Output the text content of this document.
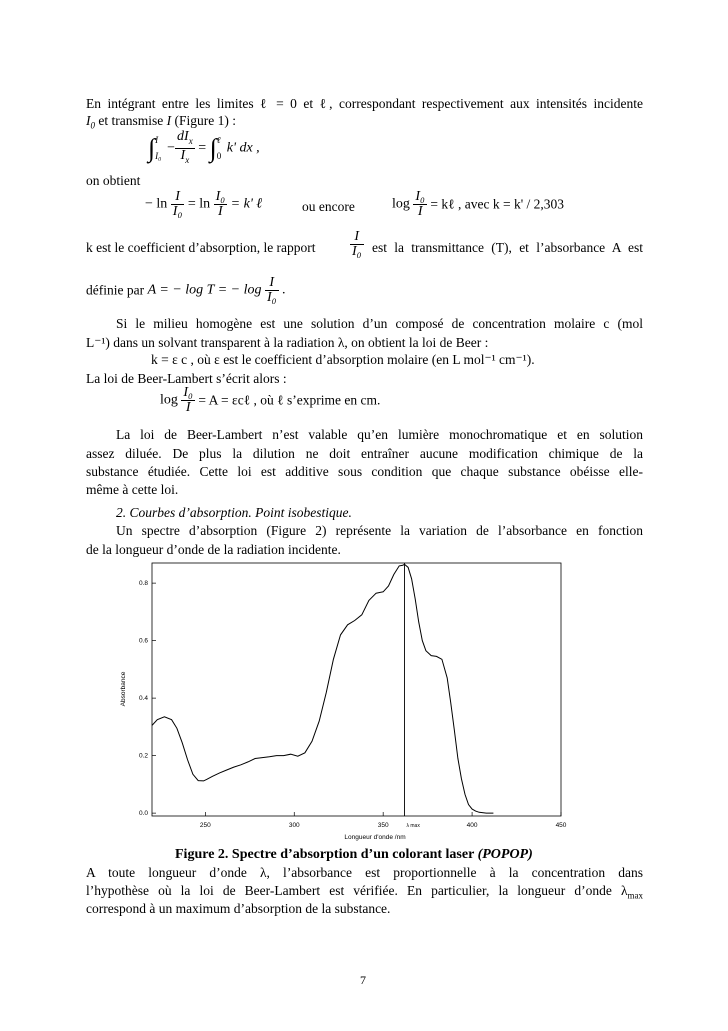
En intégrant entre les limites ℓ = 0 et ℓ, correspondant respectivement aux intensités incidente
$I_0$ et transmise I (Figure 1) :
∫ I
I₀
− $\frac{dI_x}{I_x}$ = ∫ ℓ
0
k' dx ,
on obtient
− $\ln \frac{I}{\text{I₀}} = \ln \frac{\text{I₀}}{I} = k'$ ℓ	ou encore	$\log \frac{\text{I₀}}{I}$ = kℓ , avec k = k' / 2,303
k est le coefficient d’absorption, le rapport $\frac{I}{\text{I₀}}$ est la transmittance (T), et l’absorbance A est
définie par A = − log T = − $\log \frac{I}{\text{I₀}}$ .
Si le milieu homogène est une solution d’un composé de concentration molaire c (mol
L⁻¹) dans un solvant transparent à la radiation λ, on obtient la loi de Beer :
k = ε c , où ε est le coefficient d’absorption molaire (en L mol⁻¹ cm⁻¹).
La loi de Beer-Lambert s’écrit alors :
$\log \frac{\text{I₀}}{I} = A$ = εcℓ , où ℓ s’exprime en cm.
La loi de Beer-Lambert n’est valable qu’en lumière monochromatique et en solution
assez diluée. De plus la dilution ne doit entraîner aucune modification chimique de la
substance étudiée. Cette loi est additive sous condition que chaque substance obéisse elle-
même à cette loi.
2. Courbes d’absorption. Point isobestique.
Un spectre d’absorption (Figure 2) représente la variation de l’absorbance en fonction
de la longueur d’onde de la radiation incidente.
0.0
0.2
0.4
0.6
0.8
250	300	350	400	450
λ max
Absorbance
Longueur d'onde /nm
Figure 2. Spectre d’absorption d’un colorant laser (POPOP)
A toute longueur d’onde λ, l’absorbance est proportionnelle à la concentration dans
l’hypothèse où la loi de Beer-Lambert est vérifiée. En particulier, la longueur d’onde $\lambda_{max}$
correspond à un maximum d’absorption de la substance.
7
